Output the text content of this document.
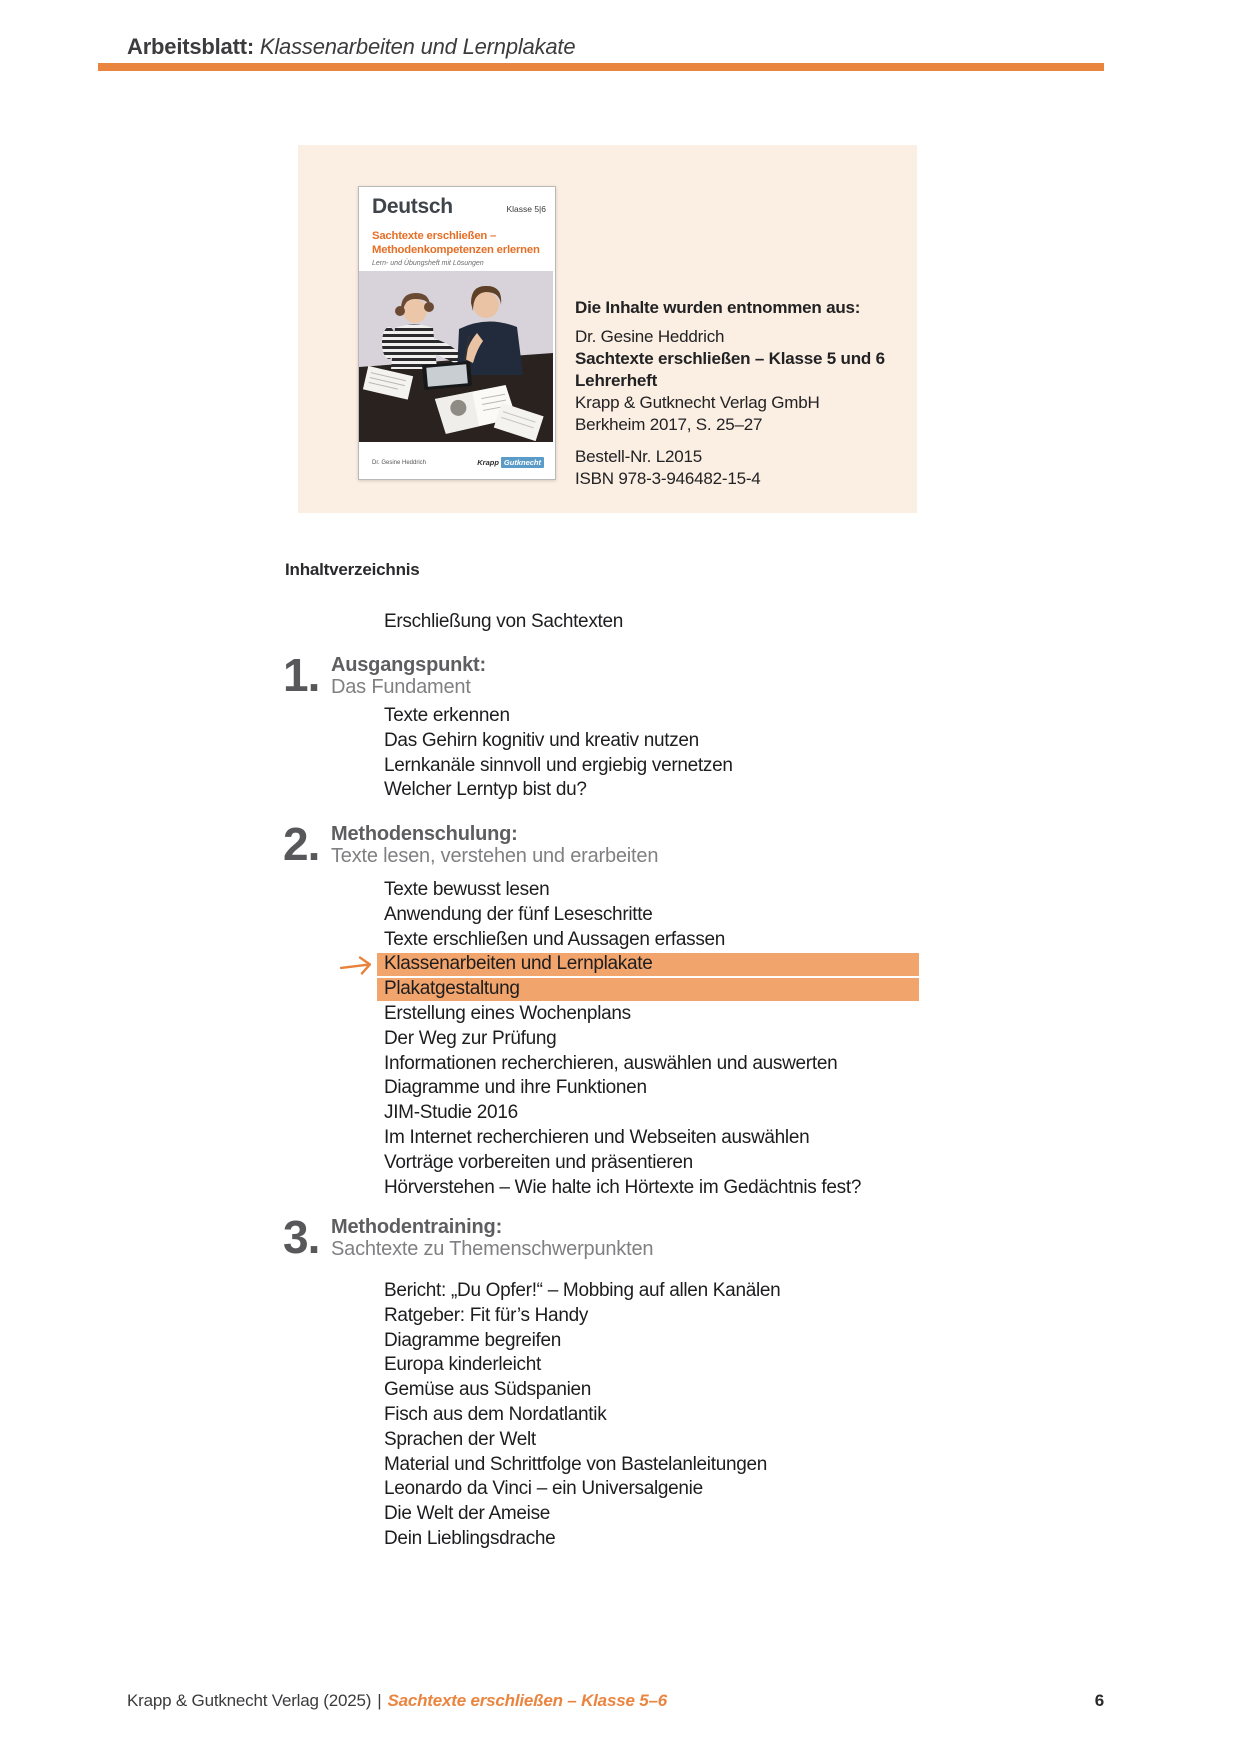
Arbeitsblatt: Klassenarbeiten und Lernplakate
Deutsch	Klasse 5|6
Sachtexte erschließen –
Methodenkompetenzen erlernen
Lern- und Übungsheft mit Lösungen
Dr. Gesine Heddrich	Krapp Gutknecht
Die Inhalte wurden entnommen aus:
Dr. Gesine Heddrich
Sachtexte erschließen – Klasse 5 und 6
Lehrerheft
Krapp & Gutknecht Verlag GmbH
Berkheim 2017, S. 25–27
Bestell-Nr. L2015
ISBN 978-3-946482-15-4
Inhaltverzeichnis
Erschließung von Sachtexten
1. Ausgangspunkt:
Das Fundament
Texte erkennen
Das Gehirn kognitiv und kreativ nutzen
Lernkanäle sinnvoll und ergiebig vernetzen
Welcher Lerntyp bist du?
2. Methodenschulung:
Texte lesen, verstehen und erarbeiten
Texte bewusst lesen
Anwendung der fünf Leseschritte
Texte erschließen und Aussagen erfassen
Klassenarbeiten und Lernplakate
Plakatgestaltung
Erstellung eines Wochenplans
Der Weg zur Prüfung
Informationen recherchieren, auswählen und auswerten
Diagramme und ihre Funktionen
JIM-Studie 2016
Im Internet recherchieren und Webseiten auswählen
Vorträge vorbereiten und präsentieren
Hörverstehen – Wie halte ich Hörtexte im Gedächtnis fest?
3. Methodentraining:
Sachtexte zu Themenschwerpunkten
Bericht: „Du Opfer!“ – Mobbing auf allen Kanälen
Ratgeber: Fit für’s Handy
Diagramme begreifen
Europa kinderleicht
Gemüse aus Südspanien
Fisch aus dem Nordatlantik
Sprachen der Welt
Material und Schrittfolge von Bastelanleitungen
Leonardo da Vinci – ein Universalgenie
Die Welt der Ameise
Dein Lieblingsdrache
Krapp & Gutknecht Verlag (2025) | Sachtexte erschließen – Klasse 5–6	6
